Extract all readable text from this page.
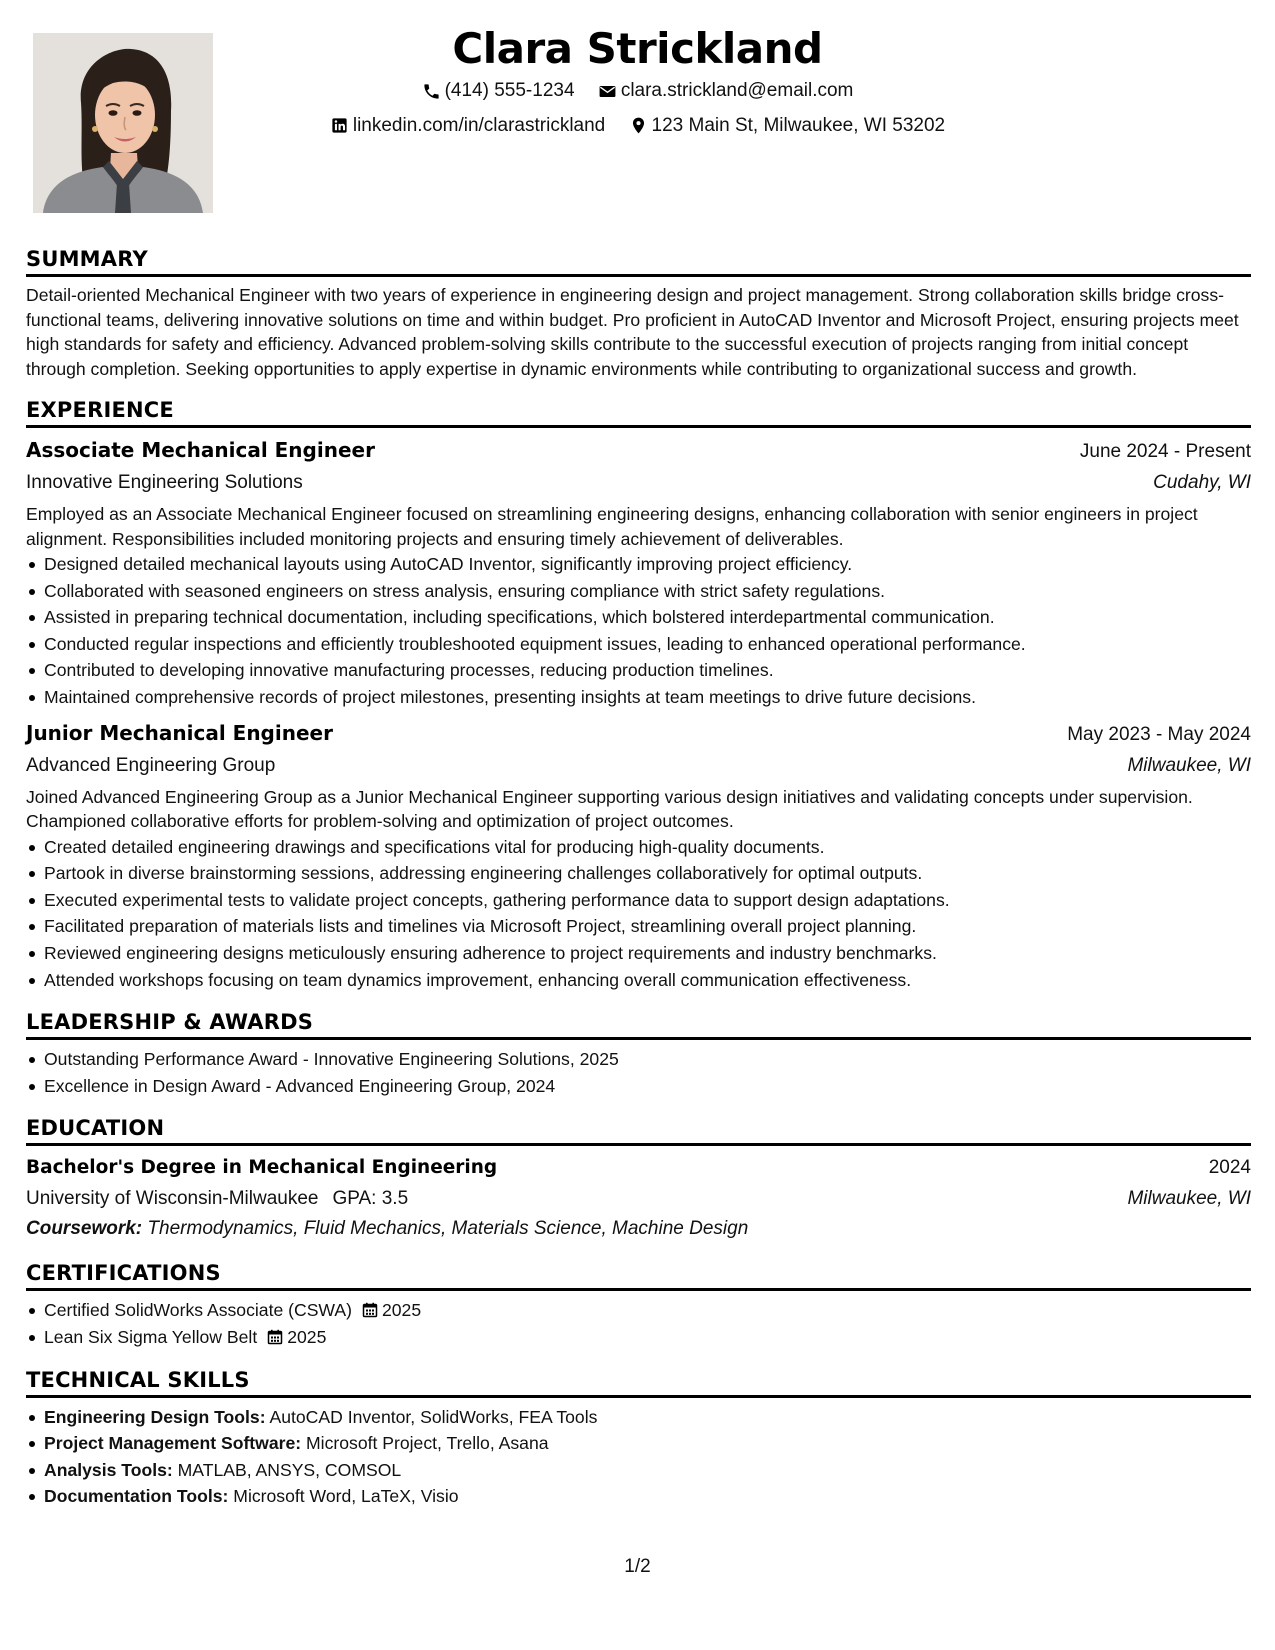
Clara Strickland
(414) 555-1234
clara.strickland@email.com
linkedin.com/in/clarastrickland
123 Main St, Milwaukee, WI 53202
SUMMARY

Detail-oriented Mechanical Engineer with two years of experience in engineering design and project management. Strong collaboration skills bridge cross-functional teams, delivering innovative solutions on time and within budget. Pro proficient in AutoCAD Inventor and Microsoft Project, ensuring projects meet high standards for safety and efficiency. Advanced problem-solving skills contribute to the successful execution of projects ranging from initial concept through completion. Seeking opportunities to apply expertise in dynamic environments while contributing to organizational success and growth.

EXPERIENCE
Associate Mechanical Engineer	June 2024 - Present
Innovative Engineering Solutions	Cudahy, WI

Employed as an Associate Mechanical Engineer focused on streamlining engineering designs, enhancing collaboration with senior engineers in project alignment. Responsibilities included monitoring projects and ensuring timely achievement of deliverables.

Designed detailed mechanical layouts using AutoCAD Inventor, significantly improving project efficiency.
Collaborated with seasoned engineers on stress analysis, ensuring compliance with strict safety regulations.
Assisted in preparing technical documentation, including specifications, which bolstered interdepartmental communication.
Conducted regular inspections and efficiently troubleshooted equipment issues, leading to enhanced operational performance.
Contributed to developing innovative manufacturing processes, reducing production timelines.
Maintained comprehensive records of project milestones, presenting insights at team meetings to drive future decisions.
Junior Mechanical Engineer	May 2023 - May 2024
Advanced Engineering Group	Milwaukee, WI

Joined Advanced Engineering Group as a Junior Mechanical Engineer supporting various design initiatives and validating concepts under supervision. Championed collaborative efforts for problem-solving and optimization of project outcomes.

Created detailed engineering drawings and specifications vital for producing high-quality documents.
Partook in diverse brainstorming sessions, addressing engineering challenges collaboratively for optimal outputs.
Executed experimental tests to validate project concepts, gathering performance data to support design adaptations.
Facilitated preparation of materials lists and timelines via Microsoft Project, streamlining overall project planning.
Reviewed engineering designs meticulously ensuring adherence to project requirements and industry benchmarks.
Attended workshops focusing on team dynamics improvement, enhancing overall communication effectiveness.
LEADERSHIP & AWARDS
Outstanding Performance Award - Innovative Engineering Solutions, 2025
Excellence in Design Award - Advanced Engineering Group, 2024
EDUCATION
Bachelor's Degree in Mechanical Engineering	2024
University of Wisconsin-Milwaukee GPA: 3.5	Milwaukee, WI
Coursework: Thermodynamics, Fluid Mechanics, Materials Science, Machine Design
CERTIFICATIONS
Certified SolidWorks Associate (CSWA) 2025
Lean Six Sigma Yellow Belt 2025
TECHNICAL SKILLS
Engineering Design Tools: AutoCAD Inventor, SolidWorks, FEA Tools
Project Management Software: Microsoft Project, Trello, Asana
Analysis Tools: MATLAB, ANSYS, COMSOL
Documentation Tools: Microsoft Word, LaTeX, Visio
1/2
